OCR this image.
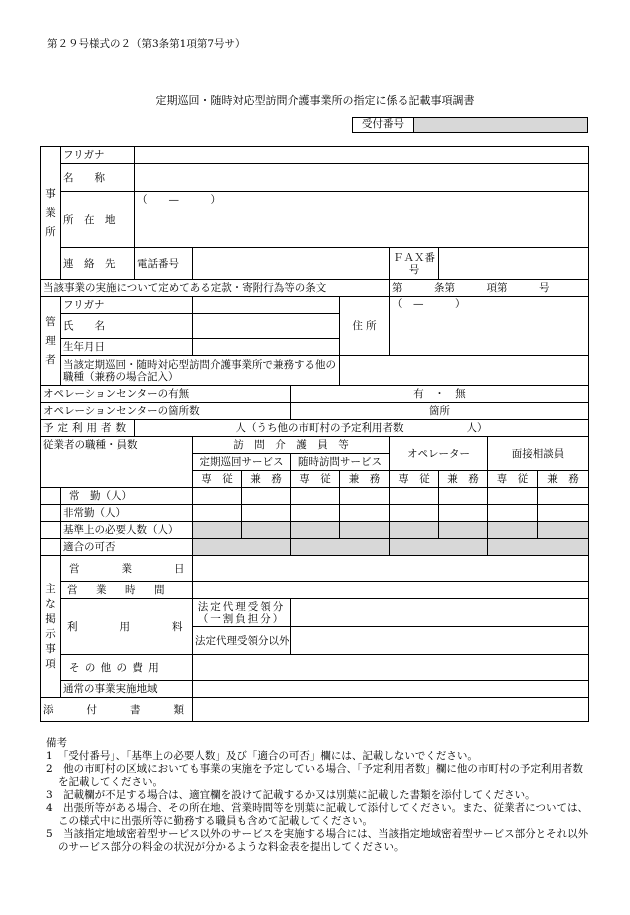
第２９号様式の２（第3条第1項第7号サ）
定期巡回・随時対応型訪問介護事業所の指定に係る記載事項調書
受付番号
事業所	フリガナ									
	名　　称									
	所　在　地	（　　—　　　）								
	連　絡　先	電話番号					ＦＡＸ番　号			
当該事業の実施について定めてある定款・寄附行為等の条文							第　　　条第　　　項第　　　号			
管理者	フリガナ					住 所	（　—　　　）			
	氏　　名									
	生年月日									
	当該定期巡回・随時対応型訪問介護事業所で兼務する他の職種（兼務の場合記入）									
オペレーションセンターの有無					有　・　無					
オペレーションセンターの箇所数					箇所					
予定利用者数		人（うち他の市町村の予定利用者数　　　　　　人）								
従業者の職種・員数			訪　問　介　護　員　等				オペレーター		面接相談員	
			定期巡回サービス		随時訪問サービス					
			専　従	兼　務	専　従	兼　務	専　従	兼　務	専　従	兼　務
	常　勤（人）									
	非常勤（人）									
	基準上の必要人数（人）									
	適合の可否									
主な掲示事項	営　　業　　日									
	営　業　時　間									
	利　　用　　料		法定代理受領分（一割負担分）							
			法定代理受領分以外							
	そ の 他 の 費 用									
	通常の事業実施地域									
添　　付　　書　　類										

備考

1　「受付番号」、「基準上の必要人数」及び「適合の可否」欄には、記載しないでください。

2　他の市町村の区域においても事業の実施を予定している場合、「予定利用者数」欄に他の市町村の予定利用者数を記載してください。

3　記載欄が不足する場合は、適宜欄を設けて記載するか又は別葉に記載した書類を添付してください。

4　出張所等がある場合、その所在地、営業時間等を別葉に記載して添付してください。また、従業者については、この様式中に出張所等に勤務する職員も含めて記載してください。

5　当該指定地域密着型サービス以外のサービスを実施する場合には、当該指定地域密着型サービス部分とそれ以外のサービス部分の料金の状況が分かるような料金表を提出してください。
